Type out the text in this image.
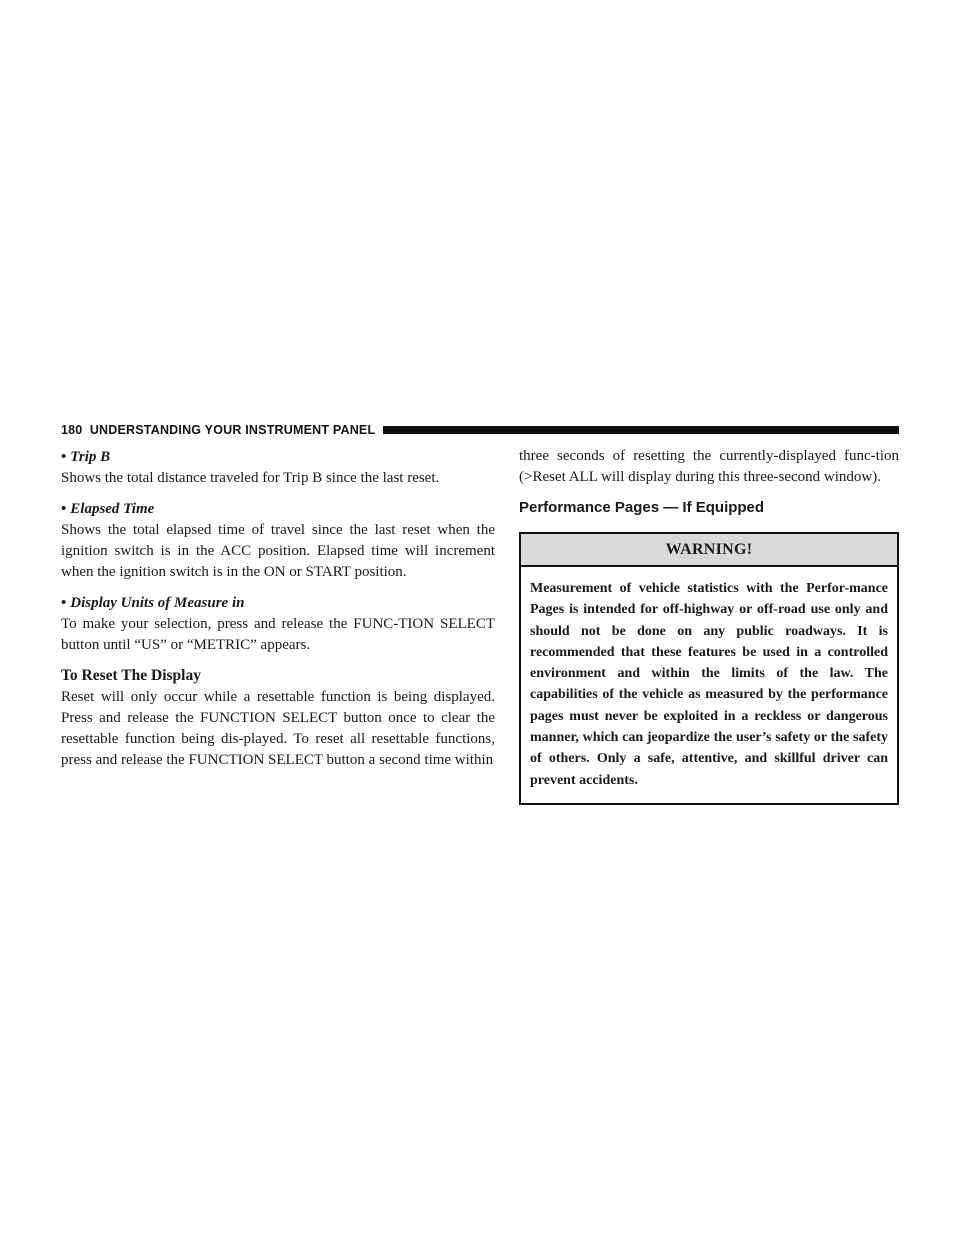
180 UNDERSTANDING YOUR INSTRUMENT PANEL

• Trip B

Shows the total distance traveled for Trip B since the last reset.

• Elapsed Time

Shows the total elapsed time of travel since the last reset when the ignition switch is in the ACC position. Elapsed time will increment when the ignition switch is in the ON or START position.

• Display Units of Measure in

To make your selection, press and release the FUNC-TION SELECT button until “US” or “METRIC” appears.

To Reset The Display

Reset will only occur while a resettable function is being displayed. Press and release the FUNCTION SELECT button once to clear the resettable function being dis-played. To reset all resettable functions, press and release the FUNCTION SELECT button a second time within

three seconds of resetting the currently-displayed func-tion (>Reset ALL will display during this three-second window).

Performance Pages — If Equipped
WARNING!
Measurement of vehicle statistics with the Perfor-mance Pages is intended for off-highway or off-road use only and should not be done on any public roadways. It is recommended that these features be used in a controlled environment and within the limits of the law. The capabilities of the vehicle as measured by the performance pages must never be exploited in a reckless or dangerous manner, which can jeopardize the user’s safety or the safety of others. Only a safe, attentive, and skillful driver can prevent accidents.
